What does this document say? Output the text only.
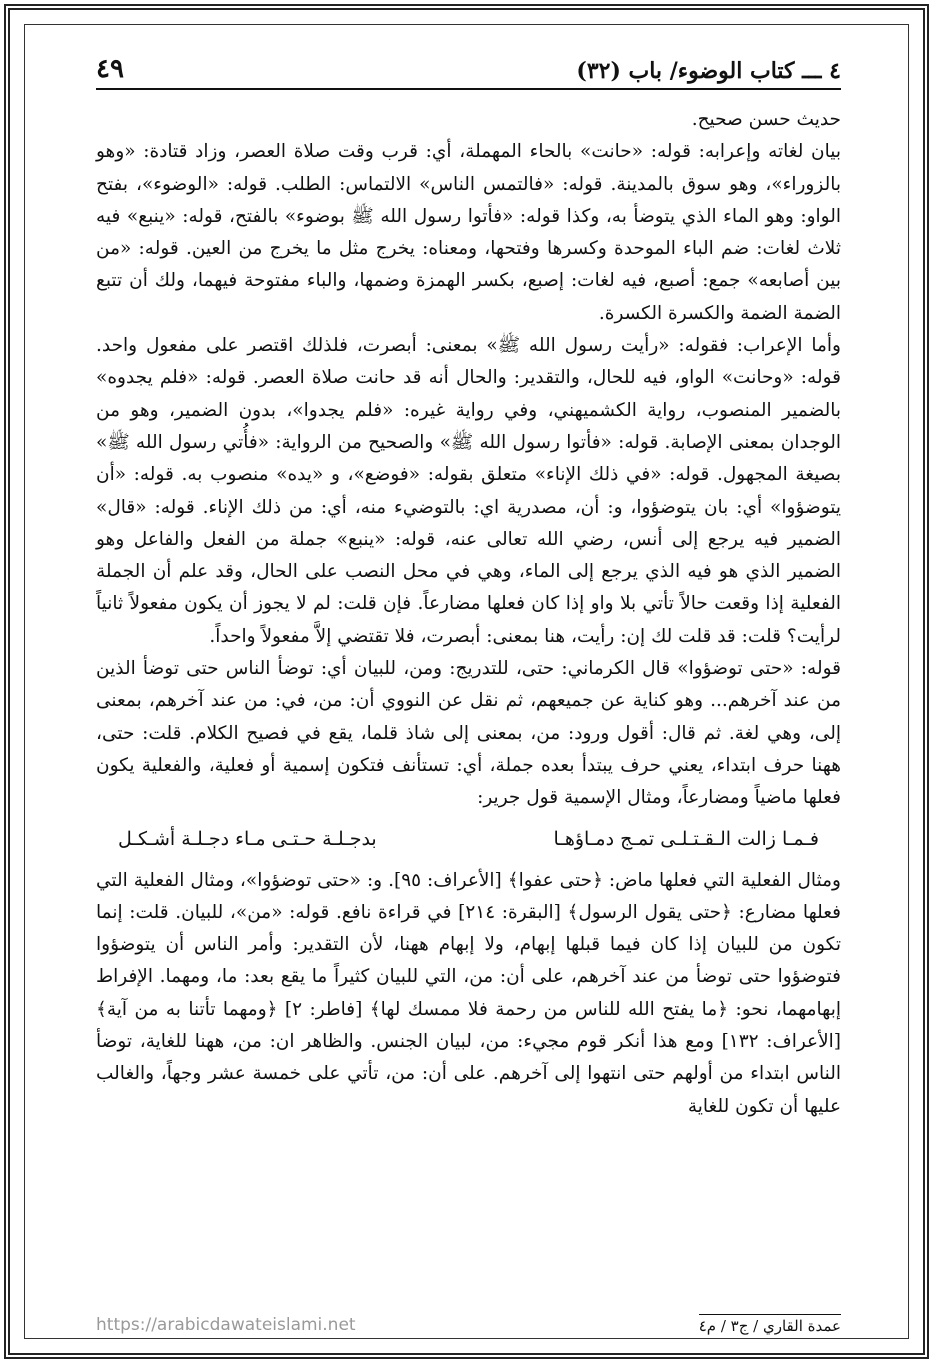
٤ ـــ كتاب الوضوء/ باب (٣٢)
٤٩

حديث حسن صحيح.

بيان لغاته وإعرابه: قوله: «حانت» بالحاء المهملة، أي: قرب وقت صلاة العصر، وزاد قتادة: «وهو بالزوراء»، وهو سوق بالمدينة. قوله: «فالتمس الناس» الالتماس: الطلب. قوله: «الوضوء»، بفتح الواو: وهو الماء الذي يتوضأ به، وكذا قوله: «فأتوا رسول الله ﷺ بوضوء» بالفتح، قوله: «ينبع» فيه ثلاث لغات: ضم الباء الموحدة وكسرها وفتحها، ومعناه: يخرج مثل ما يخرج من العين. قوله: «من بين أصابعه» جمع: أصبع، فيه لغات: إصبع، بكسر الهمزة وضمها، والباء مفتوحة فيهما، ولك أن تتبع الضمة الضمة والكسرة الكسرة.

وأما الإعراب: فقوله: «رأيت رسول الله ﷺ» بمعنى: أبصرت، فلذلك اقتصر على مفعول واحد. قوله: «وحانت» الواو، فيه للحال، والتقدير: والحال أنه قد حانت صلاة العصر. قوله: «فلم يجدوه» بالضمير المنصوب، رواية الكشميهني، وفي رواية غيره: «فلم يجدوا»، بدون الضمير، وهو من الوجدان بمعنى الإصابة. قوله: «فأتوا رسول الله ﷺ» والصحيح من الرواية: «فأُتي رسول الله ﷺ» بصيغة المجهول. قوله: «في ذلك الإناء» متعلق بقوله: «فوضع»، و «يده» منصوب به. قوله: «أن يتوضؤوا» أي: بان يتوضؤوا، و: أن، مصدرية اي: بالتوضيء منه، أي: من ذلك الإناء. قوله: «قال» الضمير فيه يرجع إلى أنس، رضي الله تعالى عنه، قوله: «ينبع» جملة من الفعل والفاعل وهو الضمير الذي هو فيه الذي يرجع إلى الماء، وهي في محل النصب على الحال، وقد علم أن الجملة الفعلية إذا وقعت حالاً تأتي بلا واو إذا كان فعلها مضارعاً. فإن قلت: لم لا يجوز أن يكون مفعولاً ثانياً لرأيت؟ قلت: قد قلت لك إن: رأيت، هنا بمعنى: أبصرت، فلا تقتضي إلاَّ مفعولاً واحداً.

قوله: «حتى توضؤوا» قال الكرماني: حتى، للتدريج: ومن، للبيان أي: توضأ الناس حتى توضأ الذين من عند آخرهم... وهو كناية عن جميعهم، ثم نقل عن النووي أن: من، في: من عند آخرهم، بمعنى إلى، وهي لغة. ثم قال: أقول ورود: من، بمعنى إلى شاذ قلما، يقع في فصيح الكلام. قلت: حتى، ههنا حرف ابتداء، يعني حرف يبتدأ بعده جملة، أي: تستأنف فتكون إسمية أو فعلية، والفعلية يكون فعلها ماضياً ومضارعاً، ومثال الإسمية قول جرير:

فـمـا زالت الـقـتـلـى تمـج دمـاؤهـا
بدجـلـة حـتـى مـاء دجـلـة أشـكـل

ومثال الفعلية التي فعلها ماض: ﴿حتى عفوا﴾ [الأعراف: ٩٥]. و: «حتى توضؤوا»، ومثال الفعلية التي فعلها مضارع: ﴿حتى يقول الرسول﴾ [البقرة: ٢١٤] في قراءة نافع. قوله: «من»، للبيان. قلت: إنما تكون من للبيان إذا كان فيما قبلها إبهام، ولا إبهام ههنا، لأن التقدير: وأمر الناس أن يتوضؤوا فتوضؤوا حتى توضأ من عند آخرهم، على أن: من، التي للبيان كثيراً ما يقع بعد: ما، ومهما. الإفراط إبهامهما، نحو: ﴿ما يفتح الله للناس من رحمة فلا ممسك لها﴾ [فاطر: ٢] ﴿ومهما تأتنا به من آية﴾ [الأعراف: ١٣٢] ومع هذا أنكر قوم مجيء: من، لبيان الجنس. والظاهر ان: من، ههنا للغاية، توضأ الناس ابتداء من أولهم حتى انتهوا إلى آخرهم. على أن: من، تأتي على خمسة عشر وجهاً، والغالب عليها أن تكون للغاية

عمدة القاري / ج٣ / م٤
https://arabicdawateislami.net
